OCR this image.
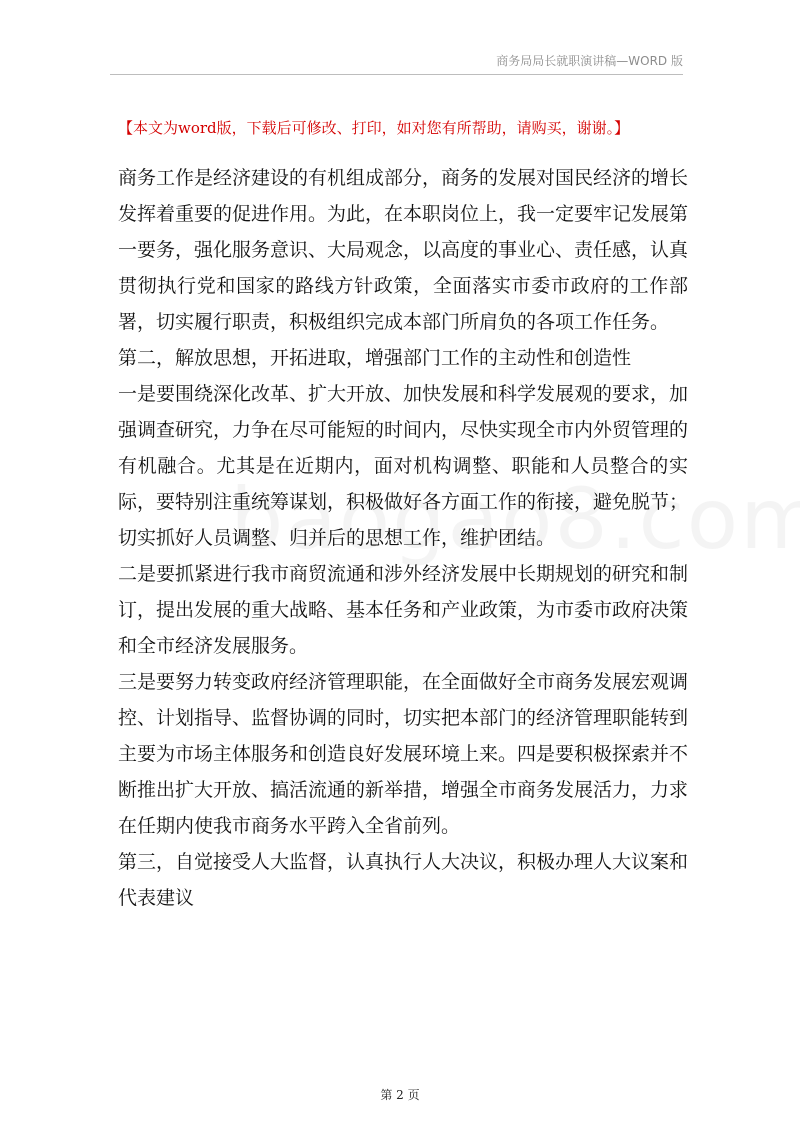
商务局局长就职演讲稿—WORD 版
【本文为word版，下载后可修改、打印，如对您有所帮助，请购买，谢谢。】

商务工作是经济建设的有机组成部分，商务的发展对国民经济的增长发挥着重要的促进作用。为此，在本职岗位上，我一定要牢记发展第一要务，强化服务意识、大局观念，以高度的事业心、责任感，认真贯彻执行党和国家的路线方针政策，全面落实市委市政府的工作部署，切实履行职责，积极组织完成本部门所肩负的各项工作任务。

第二，解放思想，开拓进取，增强部门工作的主动性和创造性

一是要围绕深化改革、扩大开放、加快发展和科学发展观的要求，加强调查研究，力争在尽可能短的时间内，尽快实现全市内外贸管理的有机融合。尤其是在近期内，面对机构调整、职能和人员整合的实际，要特别注重统筹谋划，积极做好各方面工作的衔接，避免脱节；切实抓好人员调整、归并后的思想工作，维护团结。

二是要抓紧进行我市商贸流通和涉外经济发展中长期规划的研究和制订，提出发展的重大战略、基本任务和产业政策，为市委市政府决策和全市经济发展服务。

三是要努力转变政府经济管理职能，在全面做好全市商务发展宏观调控、计划指导、监督协调的同时，切实把本部门的经济管理职能转到主要为市场主体服务和创造良好发展环境上来。四是要积极探索并不断推出扩大开放、搞活流通的新举措，增强全市商务发展活力，力求在任期内使我市商务水平跨入全省前列。

第三，自觉接受人大监督，认真执行人大决议，积极办理人大议案和代表建议

第 2 页
